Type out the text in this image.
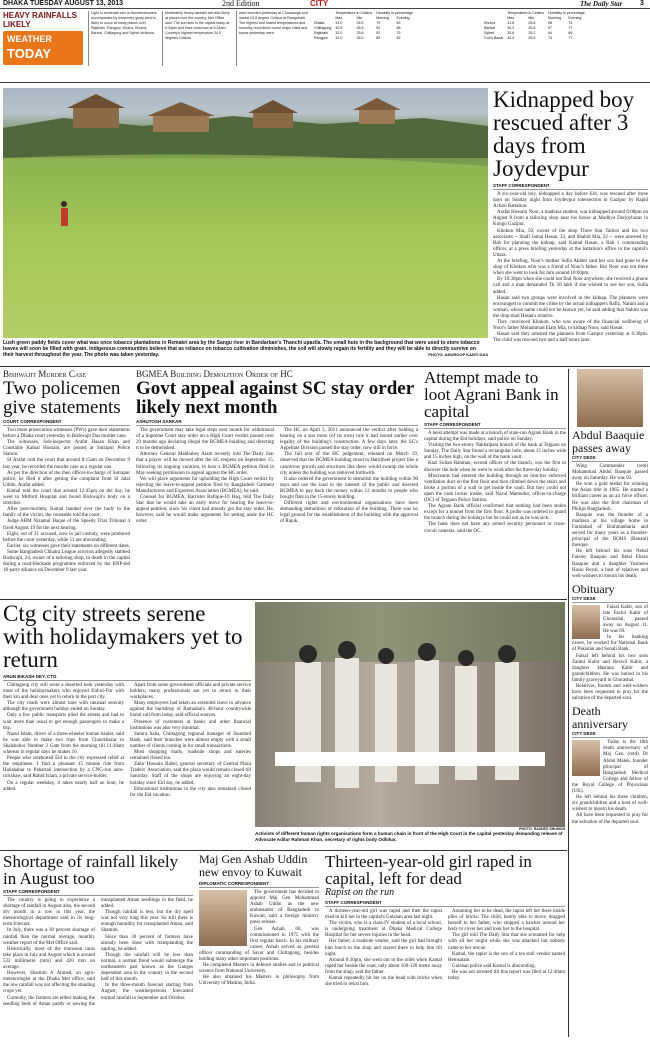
DHAKA TUESDAY AUGUST 13, 2013	2nd Edition	CITY	The Daily Star	3
HEAVY RAINFALLS LIKELY
WEATHER
TODAY
Light to moderate rain or thundershowers accompanied by temporary gusty wind is likely to occur at many places over Rajshahi, Rangpur, Dhaka, Khulna, Barisal, Chittagong and Sylhet divisions.
Moderately heavy rainfalls are also likely at places over the country, Met Office said. The sun sets in the capital today at 6:34pm and rises tomorrow at 5:34am. Country's highest temperature 34.0 degrees Celsius
was recorded yesterday at Chuadanga and lowest 24.5 degree Celsius at Rangamati. The highest and lowest temperatures and humidity recorded in some major cities and towns yesterday were:
	Temperature in Celsius		Humidity in percentage	
	Max.	Min.	Morning	Evening
Dhaka	31.0	26.5	79	63
Chittagong	30.5	26.6	92	86
Rajshahi	32.0	25.8	92	75
Rangpur	32.0	26.0	85	82
	Temperature in Celsius		Humidity in percentage	
	Max.	Min.	Morning	Evening
Khulna	31.8	26.8	98	74
Barisal	30.2	25.8	97	77
Sylhet	30.6	25.2	94	69
Cox's Bazar	32.4	25.5	74	77
Lush green paddy fields cover what was once tobacco plantations in Remakri area by the Sangu river in Bandarban's Thanchi upazila. The small huts in the background that were used to store tobacco leaves will soon be filled with grain. Indigenous communities believe that as reliance on tobacco cultivation diminishes, the soil will slowly regain its fertility and they will be able to directly survive on their harvest throughout the year. The photo was taken yesterday.	PHOTO: ANUROOP KANTI DAS
Kidnapped boy rescued after 3 days from Joydevpur
STAFF CORRESPONDENT

A six-year-old boy, kidnapped a day before Eid, was rescued after three days on Sunday night from Joydevpur intersection in Gazipur by Rapid Action Battalion.

Arafat Hossain Noor, a madrasa student, was kidnapped around 6:00pm on August 8 from a tailoring shop near his house at Modhya Durjoybazar in Kongo Gazipur.

Khokon Mia, 50, owner of the shop Three Star Tailors and his two associates -- Shafi Jamal Hasan, 33, and Shahid Mia, 22 -- were arrested by Rab for planning the kidnap, said Kamal Hasan, a Rab 1 commanding officer, at a press briefing yesterday at the battalion's office in the capital's Uttara.

At the briefing, Noor's mother Sufia Akhter said her son had gone to the shop of Khokon who was a friend of Noor's father. But Noor was not there when she went to look for him around 10:00pm.

By 10:30pm when she could not find Noor anywhere, she received a phone call and a man demanded Tk 50 lakh if she wished to see her son, Sufia added.

Hasan said two groups were involved in the kidnap. The planners were encouraged to commit the crime by the actual kidnappers Rafiz, Nahim and a woman, whose name could not be known yet, he said adding that Nahim was the drop mail Hasan's relative.

They convinced Khokon, who was aware of the financial wellbeing of Noor's father Mohammad Elam Mia, to kidnap Noor, said Hasan.

Hasan said they arrested the planners from Gazipur yesterday at 6:30pm. The child was rescued two and a half hours later.

Bishwajit Murder Case
Two policemen give statements
COURT CORRESPONDENT

Two more prosecution witnesses (PWs) gave their statements before a Dhaka court yesterday in Bishwajit Das murder case.

The witnesses, Sub-inspector Arafat Hasan Khan and Constable Kamal Hossain, are posted at Sutrapur Police Station.

SI Arafat told the court that around 8:15am on December 9 last year, he recorded the murder case as a regular one.

As per the direction of the then officer-in-charge of Sutrapur police, he filed it after getting the complaint from SI Jalal Uddin, Arafat added.

Kamal told the court that around 12:45pm on the day, he went to Mitford Hospital and found Bishwajit's body on a stretcher.

After post-mortem, Kamal handed over the body to the family of the victim, the constable told the court.

Judge ABM Nizamul Haque of the Speedy Trial Tribunal 4 fixed August 19 for the next hearing.

Eight, out of 21 accused, now in jail custody, were produced before the court yesterday, while 11 are absconding.

Earlier, six witnesses gave their statements on different dates.

Some Bangladesh Chhatra League activists allegedly stabbed Bishwajit, 24, owner of a tailoring shop, to death in the capital during a road-blockade programme enforced by the BNP-led 18-party alliance on December 9 last year.

BGMEA Building Demolition Order of HC
Govt appeal against SC stay order likely next month
ASHUTOSH SARKAR

The government may take legal steps next month for withdrawal of a Supreme Court stay order on a High Court verdict passed over 29 months ago declaring illegal the BGMEA building and directing it to be demolished.

Attorney General Mahbubey Alam recently told The Daily Star that a prayer will be moved after the SC reopens on September 15, following its ongoing vacation, to hear a BGMEA petition filed in May seeking permission to appeal against the HC order.

We will place arguments for upholding the High Court verdict by rejecting the leave-to-appeal petition filed by Bangladesh Garment Manufacturers and Exporters Association (BGMEA), he said.

Counsel for BGMEA, Barrister Rafique-Ul Haq, told The Daily Star that he would take an early move for hearing the leave-to-appeal petition, since his client had already got the stay order. He, however, said he would make arguments for setting aside the HC order.

The HC on April 3, 2011 announced the verdict after holding a hearing on a suo moto (of its own) rule it had issued earlier over legality of the building's construction. A few days later, the SC's Appellate Division passed the stay order, now still in force.

The full text of the HC judgement, released on March 19, observed that the BGMEA building stood in Hatirjheel project like a cancerous growth and structures like these would swamp the whole city unless the building was removed forthwith.

It also ordered the government to demolish the building within 90 days and use the land to the interest of the public and directed BGMEA to pay back the money within 12 months to people who bought flats in the 15-storey building.

Different rights and environmental organisations have been demanding demolition or relocation of the building. There was no legal ground for the establishment of the building with the approval of Rajuk.

Attempt made to loot Agrani Bank in capital
STAFF CORRESPONDENT

A heist attempt was made at a branch of state-run Agrani Bank in the capital during the Eid holidays, said police on Sunday.

Visiting the two-storey Nakhalpara branch of the bank at Tejgaon on Sunday, The Daily Star found a rectangular hole, about 15 inches wide and 15 inches high, on the wall of the bank vault.

Kazi Sultan Rahman, second officer of the branch, was the first to discover the hole when he went to work after the three-day holiday.

Miscreants had entered the building through an iron-bar enforced ventilation duct on the first floor and then climbed down the stairs and broke a portion of a wall to get inside the vault. But they could not open the cash locker inside, said Nazul Mamudur, officer-in-charge (OC) of Tejgaon Police Station.

The Agrani Bank official confirmed that nothing had been stolen except for a bonnet from the first floor. A probe was ordered to guard the branch during the holidays but he could not as he was sick.

The bank does not have any armed security personnel or close-circuit cameras, said the OC.

Abdul Baaquie passes away
CITY DESK

Wing Commander (retd) Mohammad Abdul Baaquie passed away on Saturday. He was 93.

He won a gold medal for winning the Asian title in 1965. He started a brilliant career as an air force officer. He was also the first chairman of Philips Bangladesh.

Baaquie was the founder of a madrasa at his village home in Faridabad of Brahmanbaria and served for many years as a founder-principal of the DOHS (Banani) mosque.

He left behind his sons Nehal Faisley Baaquie and Belal Ehsan Baaquie and a daughter Yasmeen Hasin Royal, a host of relatives and well-wishers to mourn his death.

Obituary
CITY DESK

Faisal Kabir, son of late Fazlul Kabir of Ghorashal, passed away on August 11. He was 69.

In his banking career, he worked for National Bank of Pakistan and Sonali Bank.

Faisal left behind his two sons Zaidul Kabir and Rezwil Kabir, a daughter Hasrana Kabir and grandchildren. He was buried in his family graveyard in Ghorashal.

Relatives, friends and well-wishers have been requested to pray for the salvation of the departed soul.

Death anniversary
CITY DESK

Today is the 18th death anniversary of Maj Gen (retd) Dr Abdul Malek, founder principal of Bangladesh Medical College and fellow of the Royal College of Physicians (UK).

He left behind his three children, six grandchildren and a host of well-wishers to mourn his death.

All have been requested to pray for the salvation of the departed soul.

Ctg city streets serene with holidaymakers yet to return
ARUN BIKASH DEY, CTG

Chittagong city still wore a deserted look yesterday with most of the holidaymakers who enjoyed Eid-ul-Fitr with their kin and dear ones yet to return to the port city.

The city roads were almost bare with unusual serenity although the government holiday ended on Sunday.

Only a few public transports plied the streets and had to wait more than usual to get enough passengers to make a trip.

Nazul Islam, driver of a three-wheeler human hauler, said he was able to make two trips from Chawkbazar to Shalshohor Number 2 Gate from the morning till 11:30am whereas in regular days he makes 10.

People who celebrated Eid in the city expressed relief at the emptiness. I find a pleasant 15 minute ride from Halishahar to Pahartali intersection by a CNG-run auto-rickshaw, said Rahid Islam, a private service-holder.

On a regular weekday, it takes nearly half an hour, he added.

Apart from some government officials and private service holders, many professionals are yet to return to their workplaces.

Many employees had taken an extended leave in advance against the backdrop of Ramadan's 48-hour countrywide hartal call from today, said official sources.

Presence of customers at banks and other financial institutions was also very minimal.

Sumra Saha, Chittagong regional manager of Standard Bank, said their branches were almost empty with a small number of clients coming in for small transactions.

Most shopping malls, roadside shops and eateries remained closed too.

Zakir Hossain Babel, general secretary of Central Plaza Traders' Association, said the plaza would remain closed till Saturday. Staff of the shops are enjoying an eight-day holiday since Eid day, he added.

Educational institutions in the city also remained closed for the Eid vacation.

PHOTO: RASHED SHUMON
Activists of different human rights organisations form a human chain in front of the High Court in the capital yesterday demanding release of Advocate Adilur Rahman Khan, secretary of rights body Odhikar.
Shortage of rainfall likely in August too
STAFF CORRESPONDENT

The country is going to experience a shortage of rainfall in August also, the second dry month in a row in this year, the meteorological department said in its long-term forecast.

In July, there was a 30 percent shortage of rainfall than the normal average, monthly weather report of the Met Office said.

Historically, most of the monsoon rains take place in July and August which is around 532 millimetre (mm) and 420 mm on average.

However, Shamim A Ahmed, an agro-meteorologist at the Dhaka Met office, said the low rainfall was not affecting the standing crops yet.

Currently, the farmers are either making the seedling beds of Aman paddy or sowing the transplanted Aman seedlings in the field, he added.

Though rainfall is less, but the dry spell was not very long this year. So still there is enough humidity for transplanted Aman, said Shamim.

Since than 30 percent of farmers have already been done with transplanting the sapling, he added.

Though the rainfall will be less than normal, a normal flood would submerge the northeastern part known as the Ganges dependent area in the country in the second half of this month.

In the three-month forecast starting from August, the weatherpersons forecasted normal rainfall in September and October.

Maj Gen Ashab Uddin new envoy to Kuwait
DIPLOMATIC CORRESPONDENT

The government has decided to appoint Maj Gen Mohammad Ashab Uddin as the new ambassador of Bangladesh to Kuwait, said a foreign ministry press release.

Gen Ashab, 60, was commissioned in 1975 with the first regular batch. In his military career, Ashab served as general officer commanding of Savar and Chittagong, besides holding many other important positions.

He completed Masters in defence studies and in political science from National University.

He also obtained his Masters in philosophy from University of Madras, India.

Thirteen-year-old girl raped in capital, left for dead
Rapist on the run
STAFF CORRESPONDENT

A thirteen-year-old girl was raped and then the rapist tried to kill her in the capital's Gulshan area last night.

The victim, who is a class-IV student of a local school, is undergoing treatment at Dhaka Medical College Hospital for her severe injuries in the head.

Her father, a roadside vendor, said the girl had brought him lunch to the shop and stayed there to help him till night.

Around 8:30pm, she went out to the toilet when Kamal raped her beside the road, only about 100-120 metre away from the shop, said the father.

Kamal repeatedly hit her on the head with bricks when she tried to resist him.

Assuming her to be dead, the rapist left her there inside piles of bricks. The child, barely able to move, dragged herself to her father, who stopped a hawker around her body to cover her and took her to the hospital.

The girl told The Daily Star that she screamed for help with all her might while she was attacked but nobody came to her rescue.

Kamal, the rapist is the son of a tea stall vendor named Hemsalam.

Gulshan police said Kamal is absconding.

He was not arrested till this report was filed at 12:40am today.
